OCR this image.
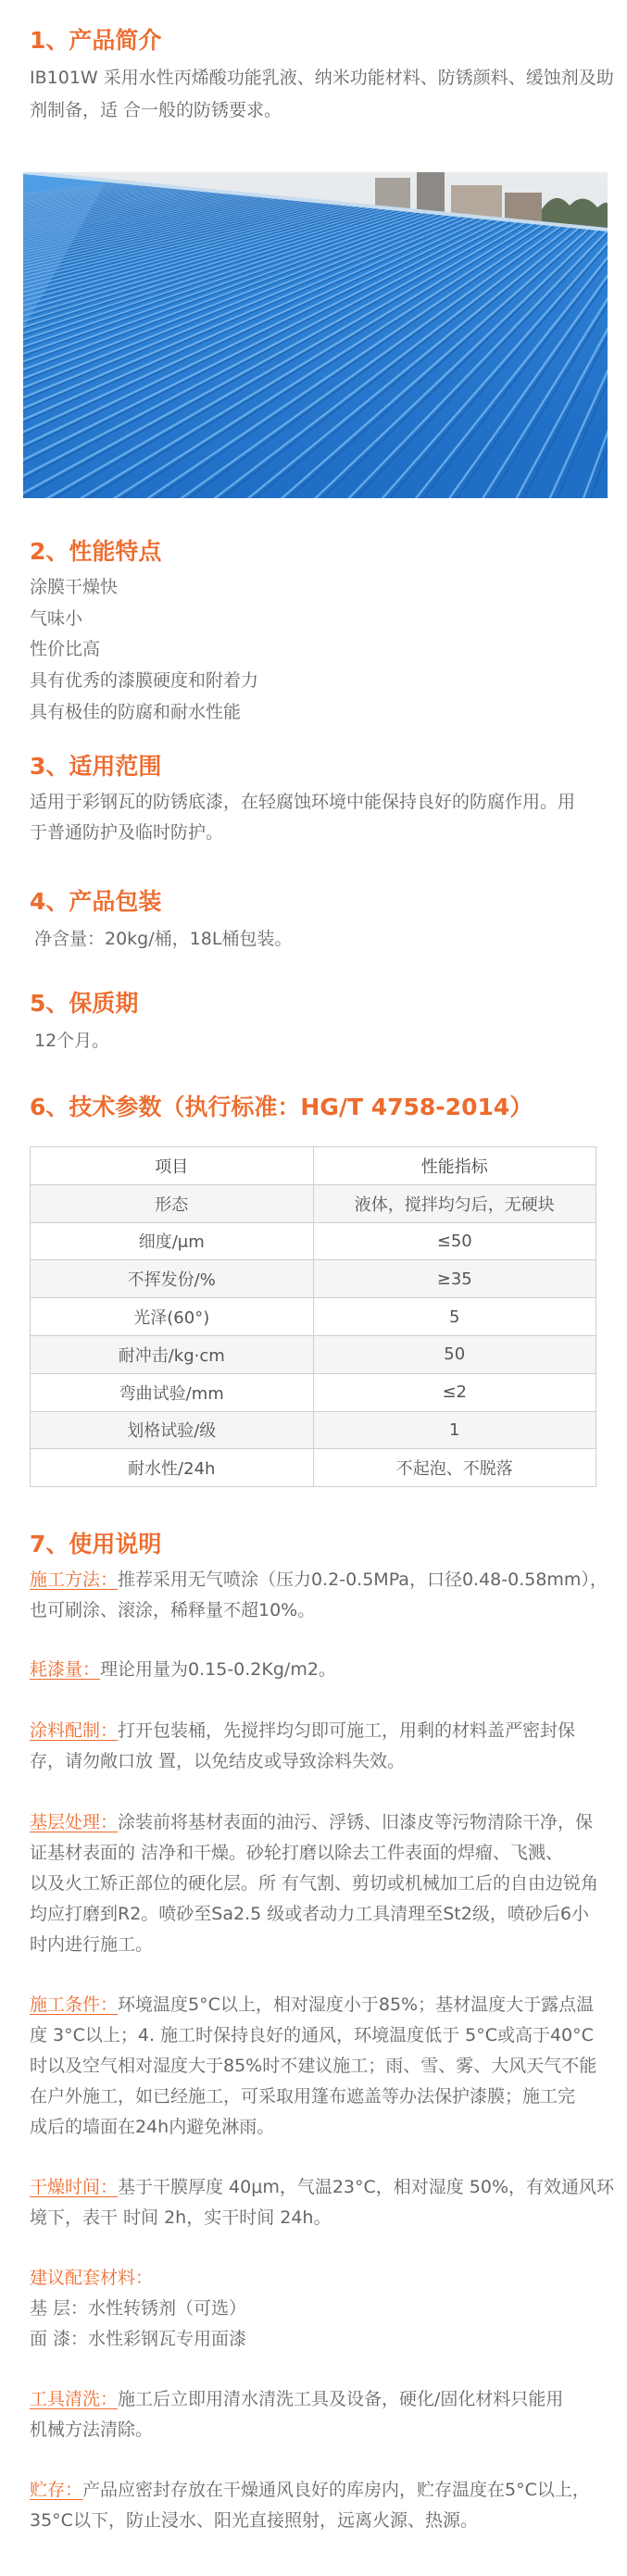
1、产品简介
IB101W 采用水性丙烯酸功能乳液、纳米功能材料、防锈颜料、缓蚀剂及助
剂制备，适 合一般的防锈要求。
2、性能特点
涂膜干燥快
气味小
性价比高
具有优秀的漆膜硬度和附着力
具有极佳的防腐和耐水性能
3、适用范围
适用于彩钢瓦的防锈底漆，在轻腐蚀环境中能保持良好的防腐作用。用
于普通防护及临时防护。
4、产品包装
净含量：20kg/桶，18L桶包装。
5、保质期
12个月。
6、技术参数（执行标准：HG/T 4758-2014）
项目	性能指标
形态	液体，搅拌均匀后，无硬块
细度/μm	≤50
不挥发份/%	≥35
光泽(60°)	5
耐冲击/kg·cm	50
弯曲试验/mm	≤2
划格试验/级	1
耐水性/24h	不起泡、不脱落
7、使用说明
施工方法：推荐采用无气喷涂（压力0.2-0.5MPa，口径0.48-0.58mm），
也可刷涂、滚涂，稀释量不超10%。
耗漆量：理论用量为0.15-0.2Kg/m2。
涂料配制：打开包装桶，先搅拌均匀即可施工，用剩的材料盖严密封保
存，请勿敞口放 置，以免结皮或导致涂料失效。
基层处理：涂装前将基材表面的油污、浮锈、旧漆皮等污物清除干净，保
证基材表面的 洁净和干燥。砂轮打磨以除去工件表面的焊瘤、飞溅、
以及火工矫正部位的硬化层。所 有气割、剪切或机械加工后的自由边锐角
均应打磨到R2。喷砂至Sa2.5 级或者动力工具清理至St2级，喷砂后6小
时内进行施工。
施工条件：环境温度5°C以上，相对湿度小于85%；基材温度大于露点温
度 3°C以上；4. 施工时保持良好的通风，环境温度低于 5°C或高于40°C
时以及空气相对湿度大于85%时不建议施工；雨、雪、雾、大风天气不能
在户外施工，如已经施工，可采取用篷布遮盖等办法保护漆膜；施工完
成后的墙面在24h内避免淋雨。
干燥时间：基于干膜厚度 40μm，气温23°C，相对湿度 50%，有效通风环
境下，表干 时间 2h，实干时间 24h。
建议配套材料：
基 层：水性转锈剂（可选）
面 漆：水性彩钢瓦专用面漆
工具清洗：施工后立即用清水清洗工具及设备，硬化/固化材料只能用
机械方法清除。
贮存：产品应密封存放在干燥通风良好的库房内，贮存温度在5°C以上，
35°C以下，防止浸水、阳光直接照射，远离火源、热源。
